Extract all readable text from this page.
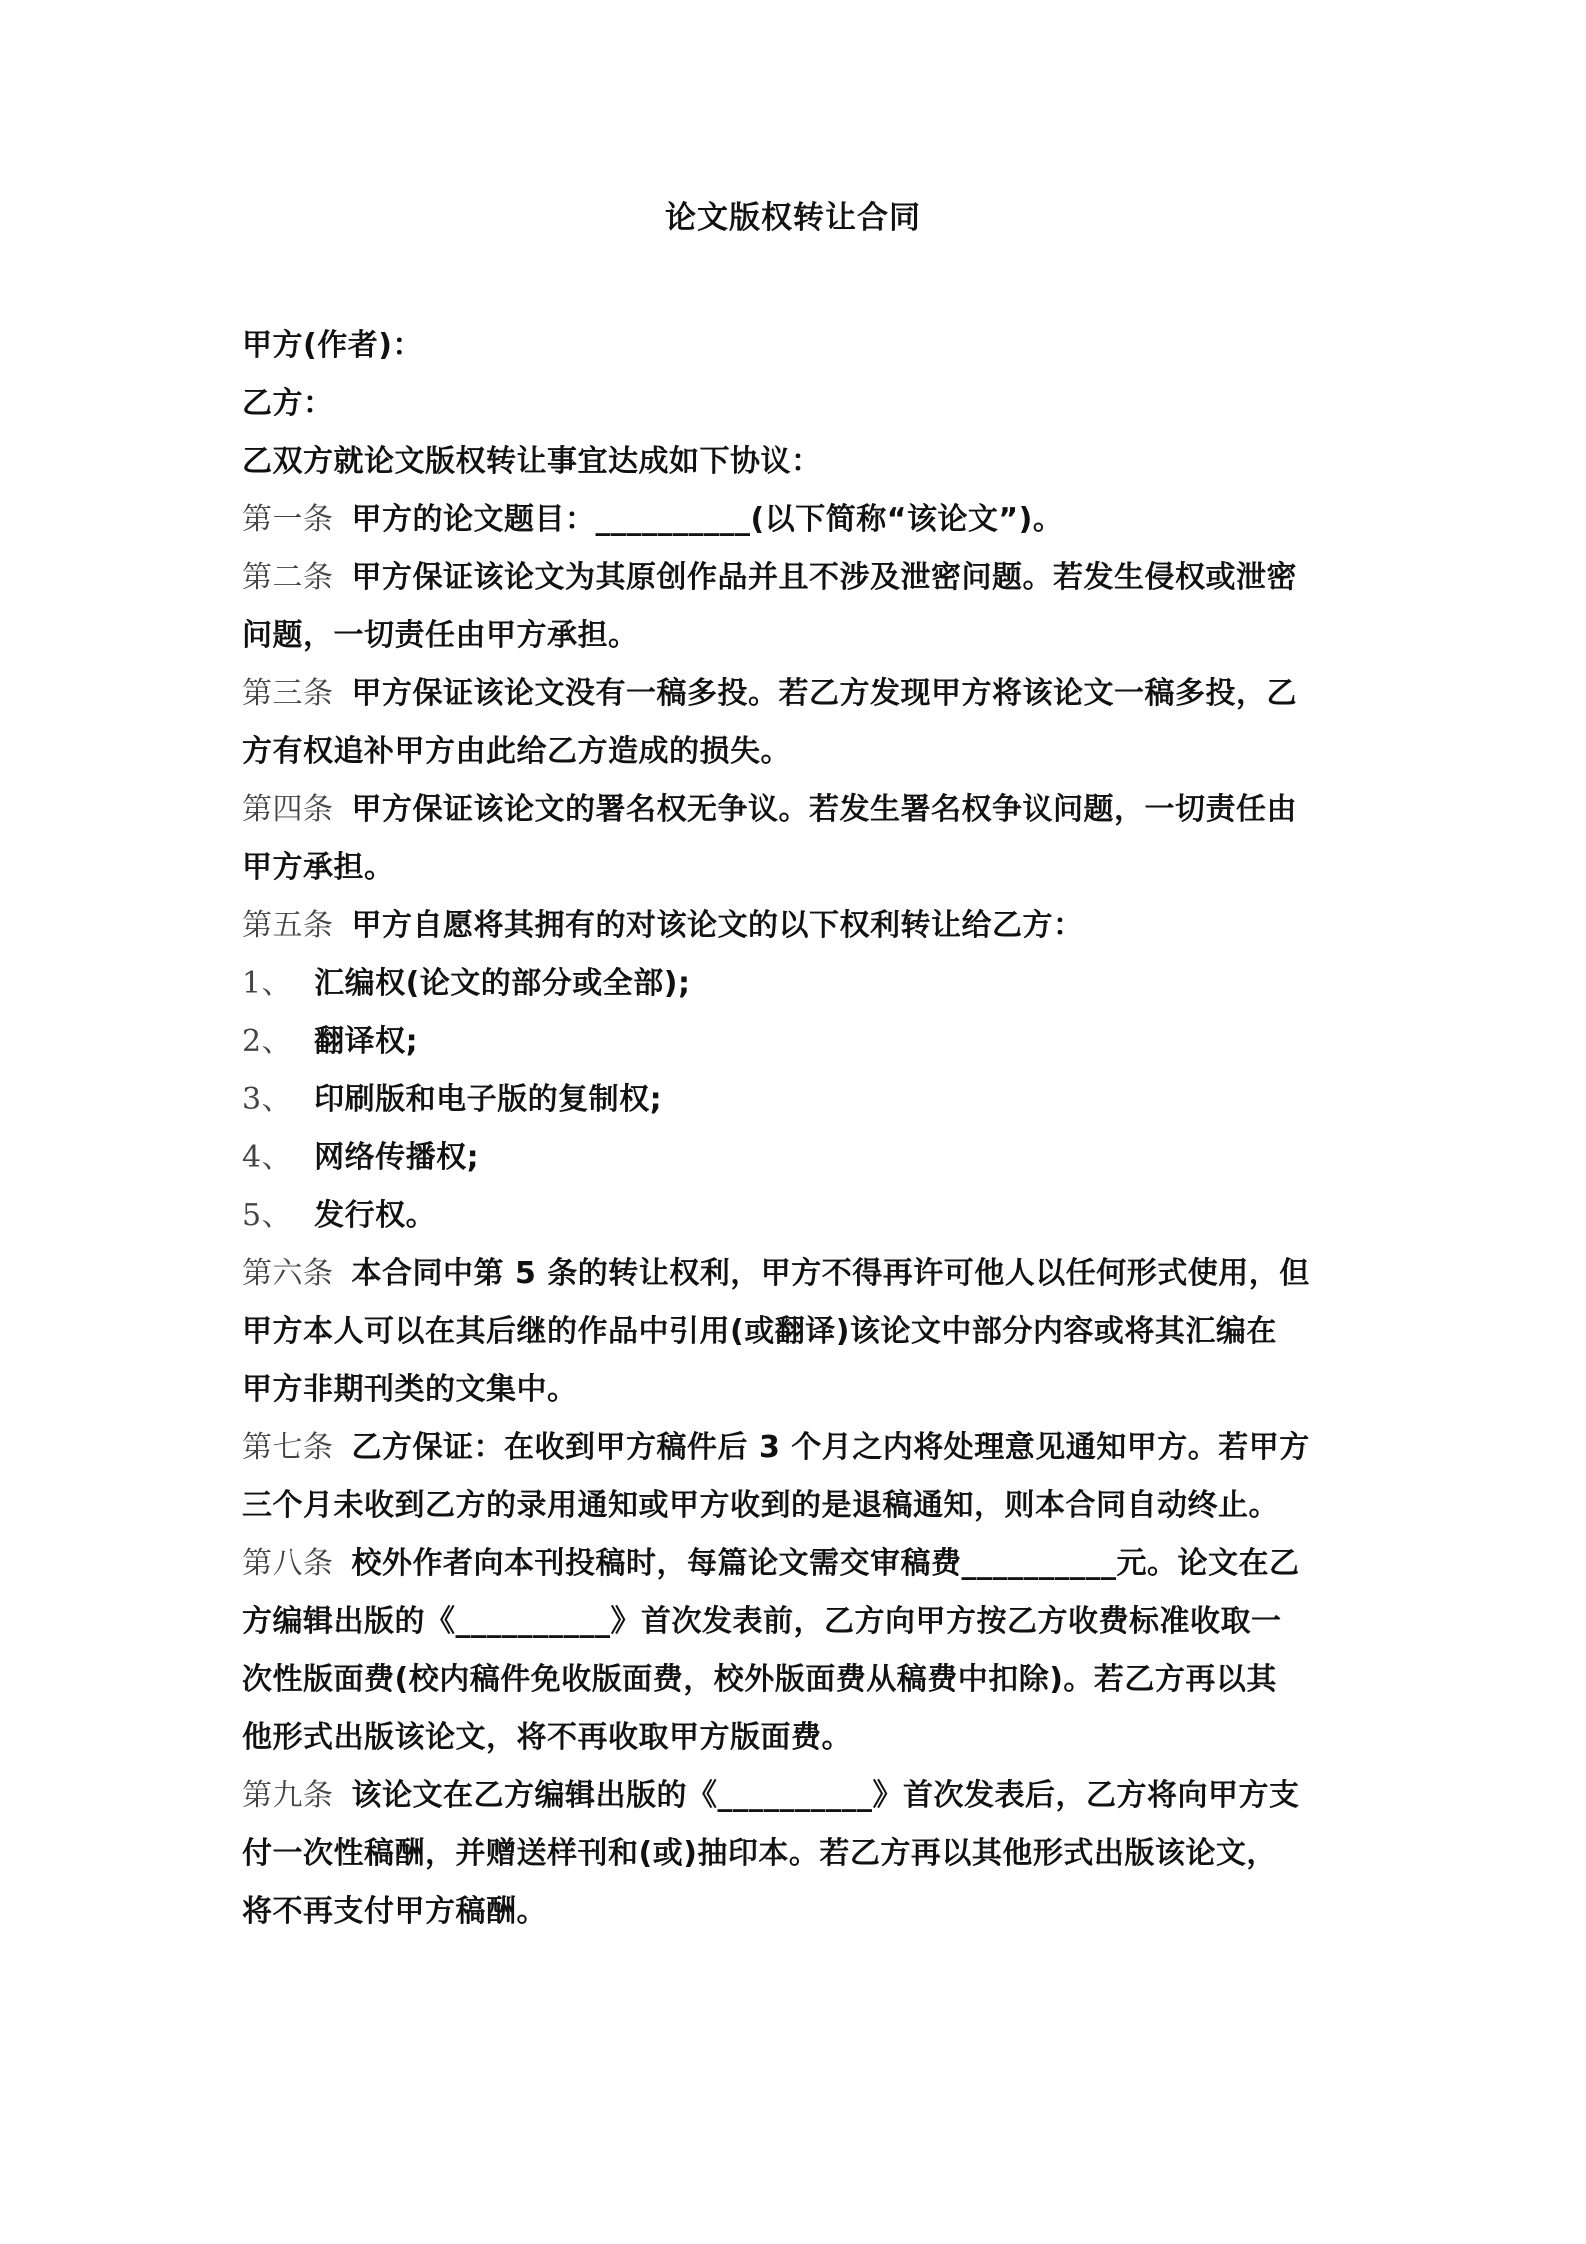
论文版权转让合同
甲方(作者)：
乙方：
乙双方就论文版权转让事宜达成如下协议：
第一条 甲方的论文题目：__________(以下简称“该论文”)。
第二条 甲方保证该论文为其原创作品并且不涉及泄密问题。若发生侵权或泄密
问题，一切责任由甲方承担。
第三条 甲方保证该论文没有一稿多投。若乙方发现甲方将该论文一稿多投，乙
方有权追补甲方由此给乙方造成的损失。
第四条 甲方保证该论文的署名权无争议。若发生署名权争议问题，一切责任由
甲方承担。
第五条 甲方自愿将其拥有的对该论文的以下权利转让给乙方：
1、 汇编权(论文的部分或全部);
2、 翻译权;
3、 印刷版和电子版的复制权;
4、 网络传播权;
5、 发行权。
第六条 本合同中第 5 条的转让权利，甲方不得再许可他人以任何形式使用，但
甲方本人可以在其后继的作品中引用(或翻译)该论文中部分内容或将其汇编在
甲方非期刊类的文集中。
第七条 乙方保证：在收到甲方稿件后 3 个月之内将处理意见通知甲方。若甲方
三个月未收到乙方的录用通知或甲方收到的是退稿通知，则本合同自动终止。
第八条 校外作者向本刊投稿时，每篇论文需交审稿费__________元。论文在乙
方编辑出版的《__________》首次发表前，乙方向甲方按乙方收费标准收取一
次性版面费(校内稿件免收版面费，校外版面费从稿费中扣除)。若乙方再以其
他形式出版该论文，将不再收取甲方版面费。
第九条 该论文在乙方编辑出版的《__________》首次发表后，乙方将向甲方支
付一次性稿酬，并赠送样刊和(或)抽印本。若乙方再以其他形式出版该论文，
将不再支付甲方稿酬。
